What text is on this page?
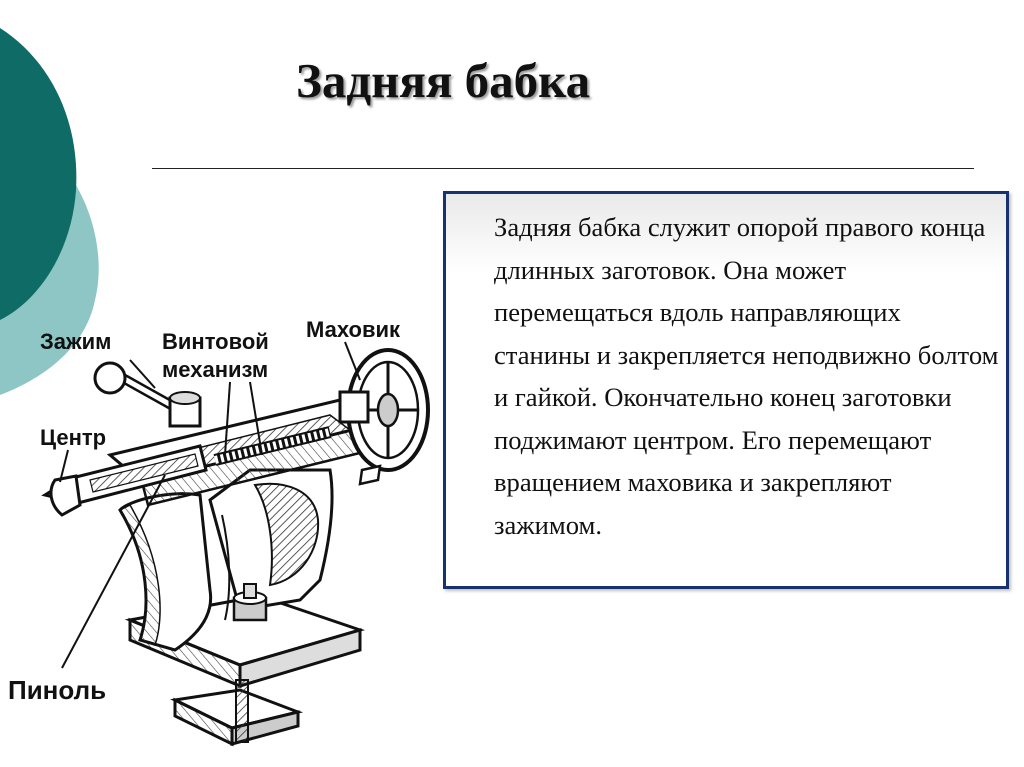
Задняя бабка

Задняя бабка служит опорой правого конца длинных заготовок. Она может перемещаться вдоль направляющих станины и закрепляется неподвижно болтом и гайкой. Окончательно конец заготовки поджимают центром. Его перемещают вращением маховика и закрепляют зажимом.

Зажим Винтовой
механизм
Маховик
Центр
Пиноль
